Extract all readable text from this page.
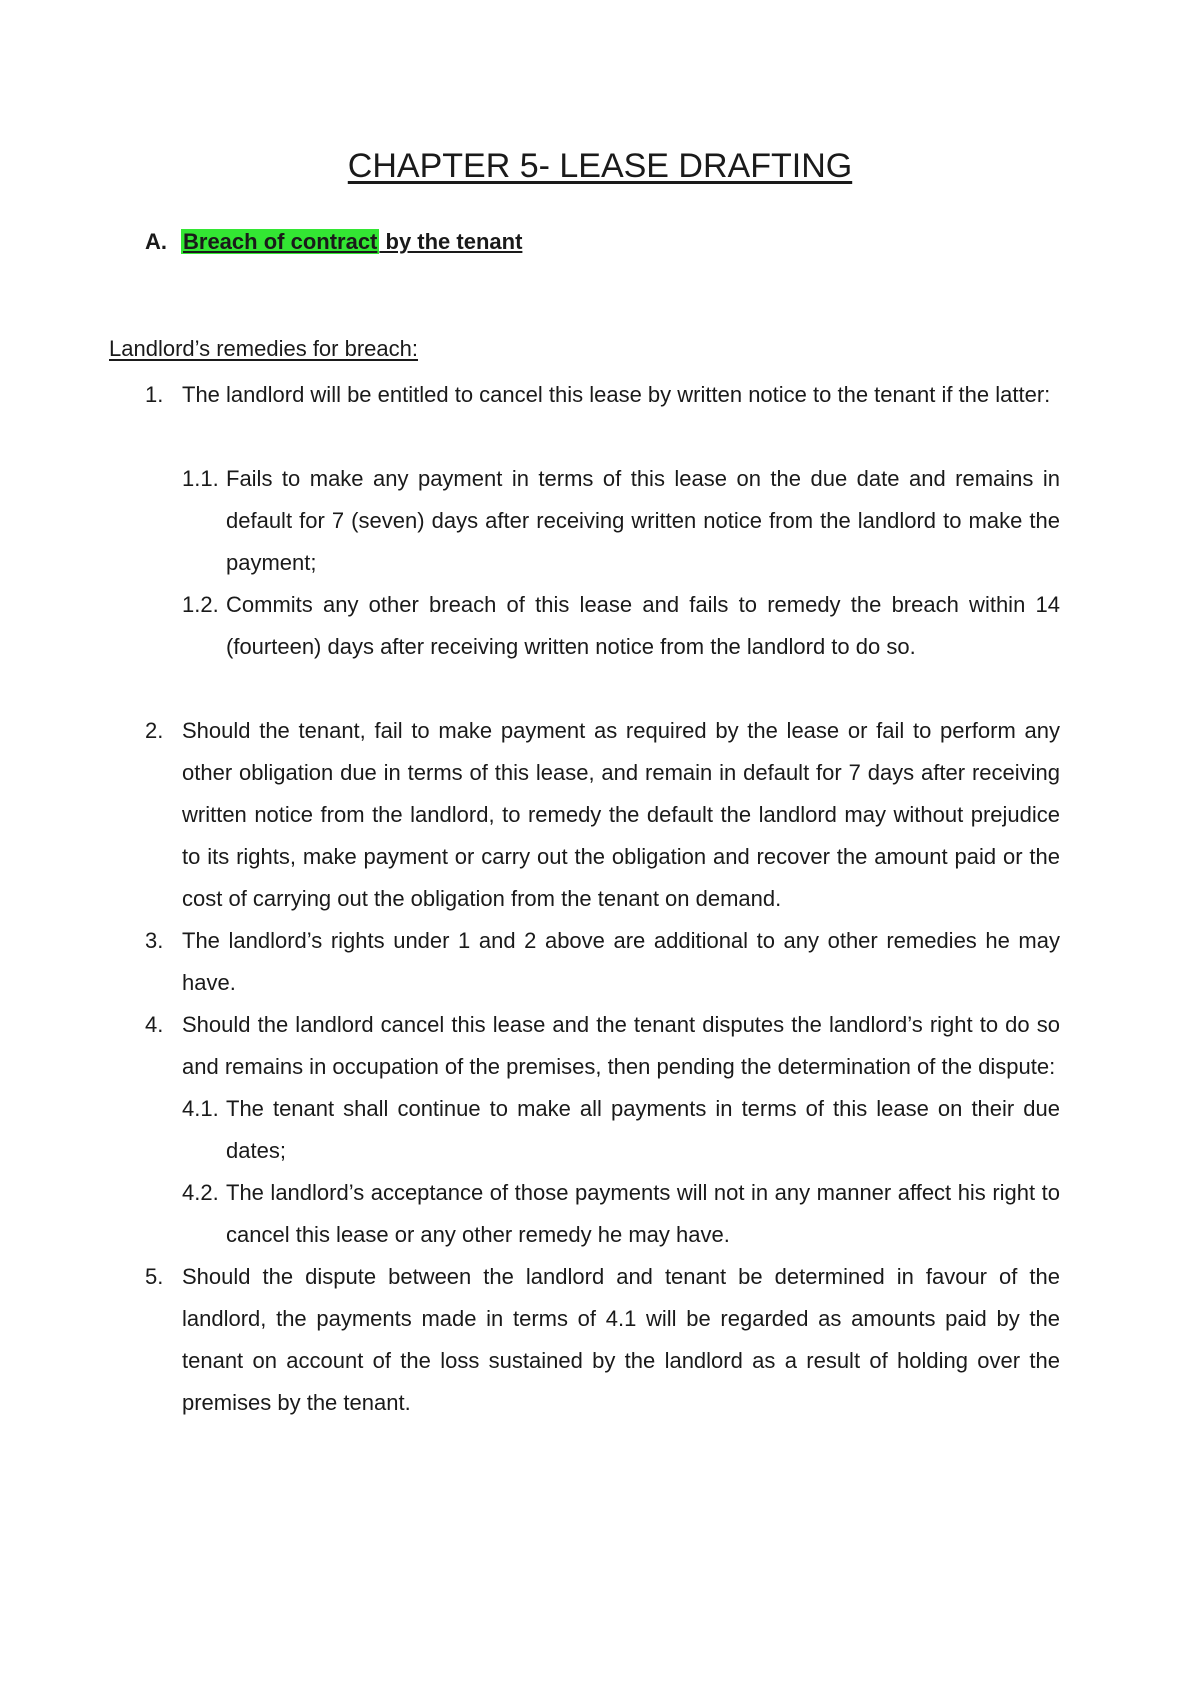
CHAPTER 5- LEASE DRAFTING
A. Breach of contract by the tenant
Landlord’s remedies for breach:
1. The landlord will be entitled to cancel this lease by written notice to the tenant if the latter:
1.1. Fails to make any payment in terms of this lease on the due date and remains in default for 7 (seven) days after receiving written notice from the landlord to make the payment;
1.2. Commits any other breach of this lease and fails to remedy the breach within 14 (fourteen) days after receiving written notice from the landlord to do so.
2. Should the tenant, fail to make payment as required by the lease or fail to perform any other obligation due in terms of this lease, and remain in default for 7 days after receiving written notice from the landlord, to remedy the default the landlord may without prejudice to its rights, make payment or carry out the obligation and recover the amount paid or the cost of carrying out the obligation from the tenant on demand.
3. The landlord’s rights under 1 and 2 above are additional to any other remedies he may have.
4. Should the landlord cancel this lease and the tenant disputes the landlord’s right to do so and remains in occupation of the premises, then pending the determination of the dispute:
4.1. The tenant shall continue to make all payments in terms of this lease on their due dates;
4.2. The landlord’s acceptance of those payments will not in any manner affect his right to cancel this lease or any other remedy he may have.
5. Should the dispute between the landlord and tenant be determined in favour of the landlord, the payments made in terms of 4.1 will be regarded as amounts paid by the tenant on account of the loss sustained by the landlord as a result of holding over the premises by the tenant.
